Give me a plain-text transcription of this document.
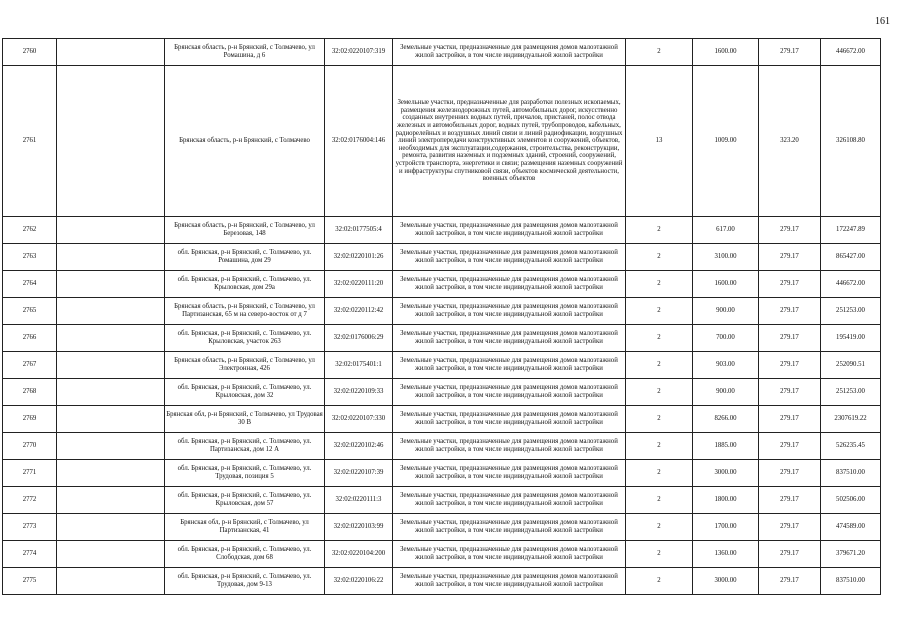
161
2760		Брянская область, р-н Брянский, с Толмачево, ул Ромашина, д 6	32:02:0220107:319	Земельные участки, предназначенные для размещения домов малоэтажной жилой застройки, в том числе индивидуальной жилой застройки	2	1600.00	279.17	446672.00
2761		Брянская область, р-н Брянский, с Толмачево	32:02:0176004:146	Земельные участки, предназначенные для разработки полезных ископаемых, размещения железнодорожных путей, автомобильных дорог, искусственно созданных внутренних водных путей, причалов, пристаней, полос отвода железных и автомобильных дорог, водных путей, трубопроводов, кабельных, радиорелейных и воздушных линий связи и линий радиофикации, воздушных линий электропередачи конструктивных элементов и сооружений, объектов, необходимых для эксплуатации,содержания, строительства, реконструкции, ремонта, развития наземных и подземных зданий, строений, сооружений, устройств транспорта, энергетики и связи; размещения наземных сооружений и инфраструктуры спутниковой связи, объектов космической деятельности, военных объектов	13	1009.00	323.20	326108.80
2762		Брянская область, р-н Брянский, с Толмачево, ул Березовая, 148	32:02:0177505:4	Земельные участки, предназначенные для размещения домов малоэтажной жилой застройки, в том числе индивидуальной жилой застройки	2	617.00	279.17	172247.89
2763		обл. Брянская, р-н Брянский, с. Толмачево, ул. Ромашина, дом 29	32:02:0220101:26	Земельные участки, предназначенные для размещения домов малоэтажной жилой застройки, в том числе индивидуальной жилой застройки	2	3100.00	279.17	865427.00
2764		обл. Брянская, р-н Брянский, с. Толмачево, ул. Крыловская, дом 29а	32:02:0220111:20	Земельные участки, предназначенные для размещения домов малоэтажной жилой застройки, в том числе индивидуальной жилой застройки	2	1600.00	279.17	446672.00
2765		Брянская область, р-н Брянский, с Толмачево, ул Партизанская, 65 м на северо-восток от д 7	32:02:0220112:42	Земельные участки, предназначенные для размещения домов малоэтажной жилой застройки, в том числе индивидуальной жилой застройки	2	900.00	279.17	251253.00
2766		обл. Брянская, р-н Брянский, с. Толмачево, ул. Крыловская, участок 263	32:02:0176006:29	Земельные участки, предназначенные для размещения домов малоэтажной жилой застройки, в том числе индивидуальной жилой застройки	2	700.00	279.17	195419.00
2767		Брянская область, р-н Брянский, с Толмачево, ул Электронная, 426	32:02:0175401:1	Земельные участки, предназначенные для размещения домов малоэтажной жилой застройки, в том числе индивидуальной жилой застройки	2	903.00	279.17	252090.51
2768		обл. Брянская, р-н Брянский, с. Толмачево, ул. Крыловская, дом 32	32:02:0220109:33	Земельные участки, предназначенные для размещения домов малоэтажной жилой застройки, в том числе индивидуальной жилой застройки	2	900.00	279.17	251253.00
2769		Брянская обл, р-н Брянский, с Толмачево, ул Трудовая 30 В	32:02:0220107:330	Земельные участки, предназначенные для размещения домов малоэтажной жилой застройки, в том числе индивидуальной жилой застройки	2	8266.00	279.17	2307619.22
2770		обл. Брянская, р-н Брянский, с. Толмачево, ул. Партизанская, дом 12 А	32:02:0220102:46	Земельные участки, предназначенные для размещения домов малоэтажной жилой застройки, в том числе индивидуальной жилой застройки	2	1885.00	279.17	526235.45
2771		обл. Брянская, р-н Брянский, с. Толмачево, ул. Трудовая, позиция 5	32:02:0220107:39	Земельные участки, предназначенные для размещения домов малоэтажной жилой застройки, в том числе индивидуальной жилой застройки	2	3000.00	279.17	837510.00
2772		обл. Брянская, р-н Брянский, с. Толмачево, ул. Крыловская, дом 57	32:02:0220111:3	Земельные участки, предназначенные для размещения домов малоэтажной жилой застройки, в том числе индивидуальной жилой застройки	2	1800.00	279.17	502506.00
2773		Брянская обл, р-н Брянский, с Толмачево, ул Партизанская, 41	32:02:0220103:99	Земельные участки, предназначенные для размещения домов малоэтажной жилой застройки, в том числе индивидуальной жилой застройки	2	1700.00	279.17	474589.00
2774		обл. Брянская, р-н Брянский, с. Толмачево, ул. Слободская, дом 68	32:02:0220104:200	Земельные участки, предназначенные для размещения домов малоэтажной жилой застройки, в том числе индивидуальной жилой застройки	2	1360.00	279.17	379671.20
2775		обл. Брянская, р-н Брянский, с. Толмачево, ул. Трудовая, дом 9-13	32:02:0220106:22	Земельные участки, предназначенные для размещения домов малоэтажной жилой застройки, в том числе индивидуальной жилой застройки	2	3000.00	279.17	837510.00
